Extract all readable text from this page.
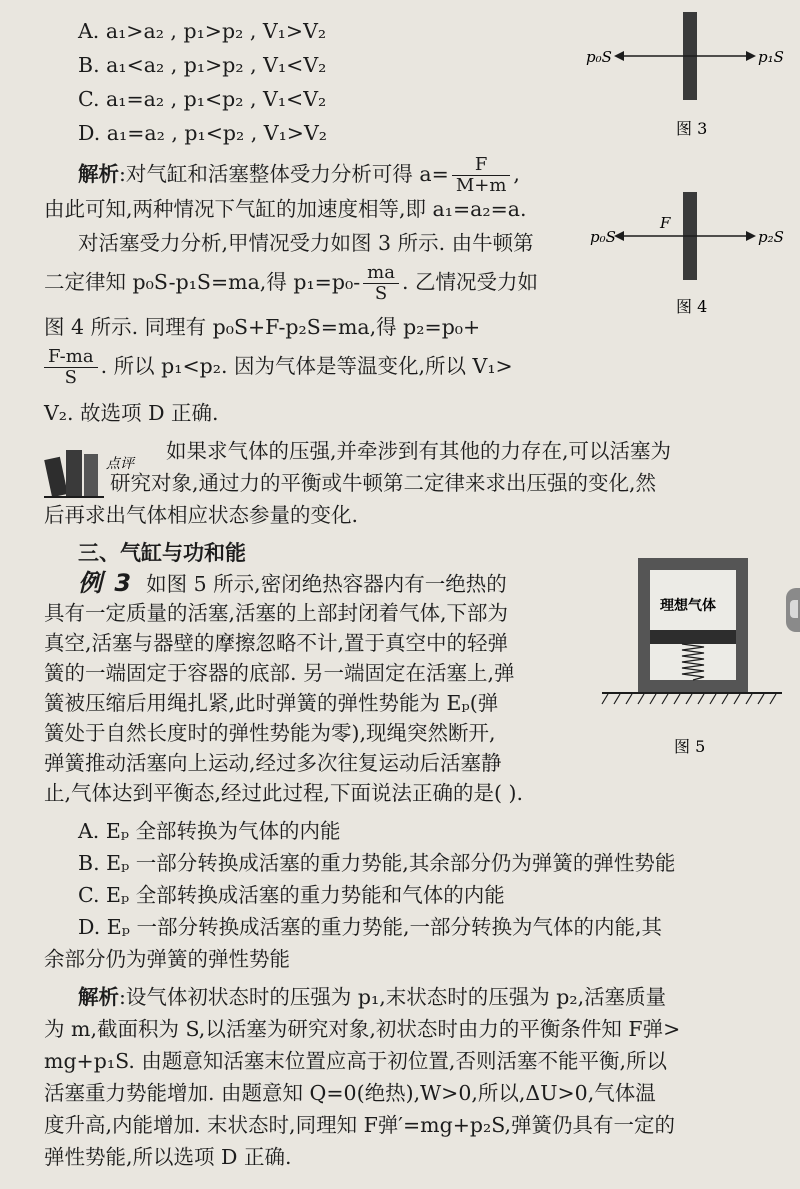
A. a₁>a₂ , p₁>p₂ , V₁>V₂
B. a₁<a₂ , p₁>p₂ , V₁<V₂
C. a₁=a₂ , p₁<p₂ , V₁<V₂
D. a₁=a₂ , p₁<p₂ , V₁>V₂
p₀S	p₁S
图 3
解析:对气缸和活塞整体受力分析可得 $a= \frac{F}{M+m}$ ,
由此可知,两种情况下气缸的加速度相等,即 a₁=a₂=a.
p₀S	p₂S
F
图 4
对活塞受力分析,甲情况受力如图 3 所示. 由牛顿第
二定律知 p₀S-p₁S=ma,得 $p_1=p_0- \frac{ma}{S}$ . 乙情况受力如
图 4 所示. 同理有 p₀S+F-p₂S=ma,得 p₂=p₀+
$\frac{F-ma}{S}$ . 所以 p₁<p₂. 因为气体是等温变化,所以 V₁>
V₂. 故选项 D 正确.
点评
如果求气体的压强,并牵涉到有其他的力存在,可以活塞为
研究对象,通过力的平衡或牛顿第二定律来求出压强的变化,然
后再求出气体相应状态参量的变化.
三、气缸与功和能
例 3 如图 5 所示,密闭绝热容器内有一绝热的
具有一定质量的活塞,活塞的上部封闭着气体,下部为
真空,活塞与器壁的摩擦忽略不计,置于真空中的轻弹
簧的一端固定于容器的底部. 另一端固定在活塞上,弹
簧被压缩后用绳扎紧,此时弹簧的弹性势能为 Eₚ(弹
簧处于自然长度时的弹性势能为零),现绳突然断开,
弹簧推动活塞向上运动,经过多次往复运动后活塞静
止,气体达到平衡态,经过此过程,下面说法正确的是( ).
理想气体
图 5
A. Eₚ 全部转换为气体的内能
B. Eₚ 一部分转换成活塞的重力势能,其余部分仍为弹簧的弹性势能
C. Eₚ 全部转换成活塞的重力势能和气体的内能
D. Eₚ 一部分转换成活塞的重力势能,一部分转换为气体的内能,其
余部分仍为弹簧的弹性势能
解析:设气体初状态时的压强为 p₁,末状态时的压强为 p₂,活塞质量
为 m,截面积为 S,以活塞为研究对象,初状态时由力的平衡条件知 F弹>
mg+p₁S. 由题意知活塞末位置应高于初位置,否则活塞不能平衡,所以
活塞重力势能增加. 由题意知 Q=0(绝热),W>0,所以,ΔU>0,气体温
度升高,内能增加. 末状态时,同理知 F弹′=mg+p₂S,弹簧仍具有一定的
弹性势能,所以选项 D 正确.
